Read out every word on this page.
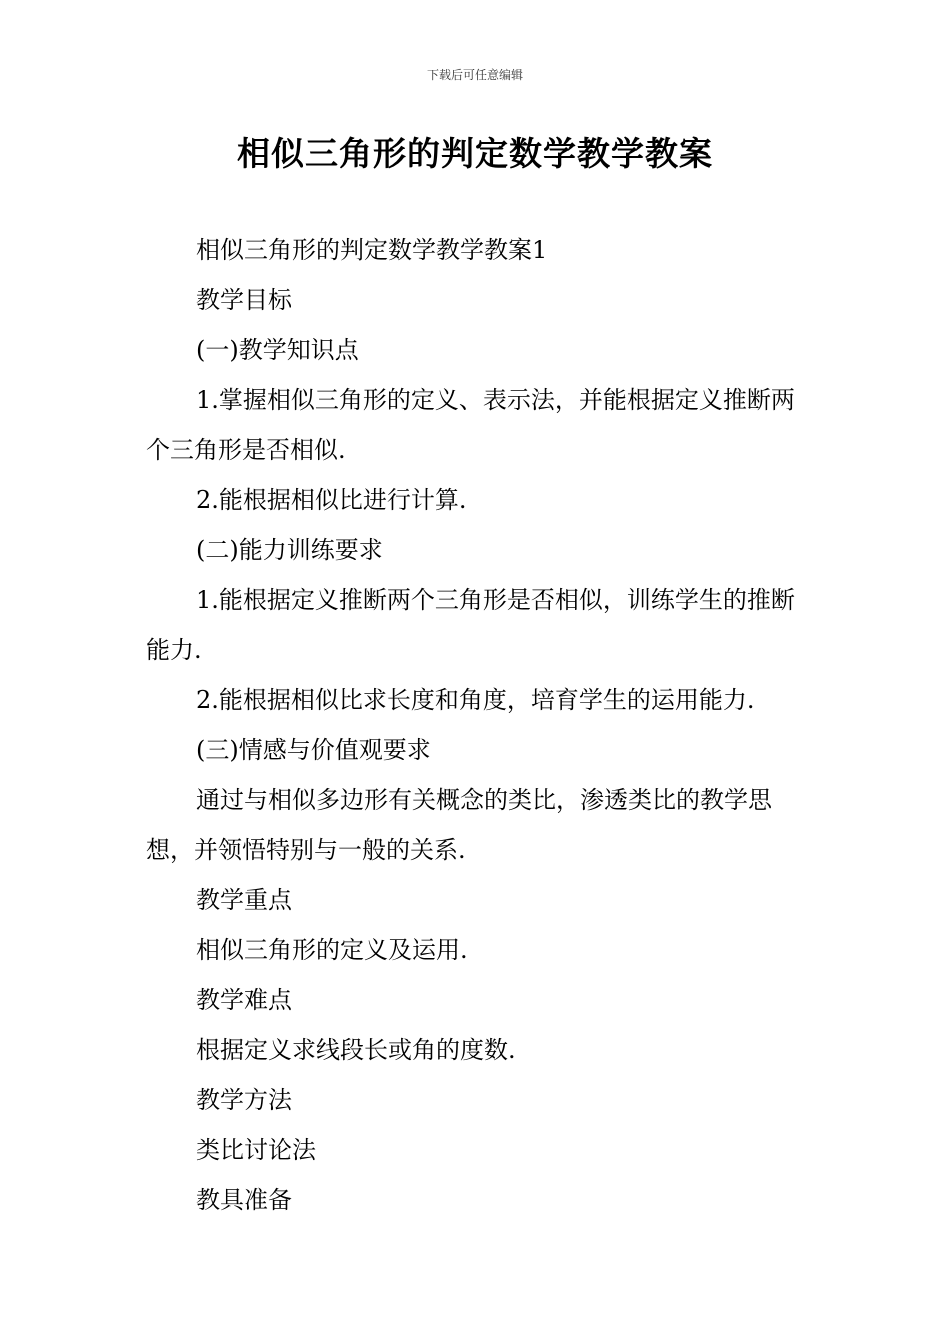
下载后可任意编辑
相似三角形的判定数学教学教案

相似三角形的判定数学教学教案1

教学目标

(一)教学知识点

1.掌握相似三角形的定义、表示法，并能根据定义推断两个三角形是否相似.

2.能根据相似比进行计算.

(二)能力训练要求

1.能根据定义推断两个三角形是否相似，训练学生的推断能力.

2.能根据相似比求长度和角度，培育学生的运用能力.

(三)情感与价值观要求

通过与相似多边形有关概念的类比，渗透类比的教学思想，并领悟特别与一般的关系.

教学重点

相似三角形的定义及运用.

教学难点

根据定义求线段长或角的度数.

教学方法

类比讨论法

教具准备
